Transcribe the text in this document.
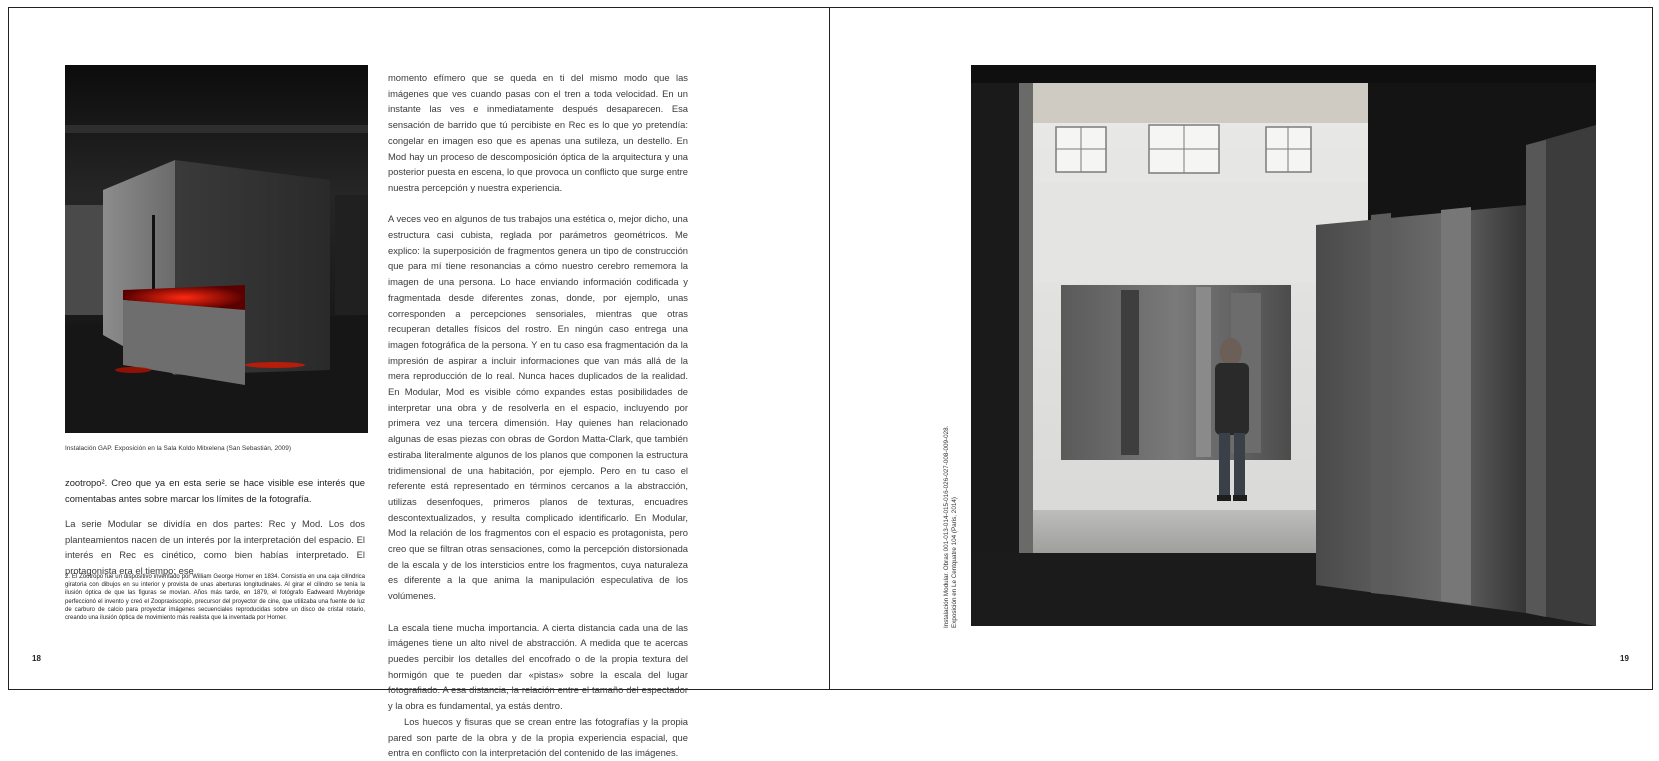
Instalación GAP. Exposición en la Sala Koldo Mitxelena (San Sebastián, 2009)

zootropo². Creo que ya en esta serie se hace visible ese interés que comentabas antes sobre marcar los límites de la fotografía.

La serie Modular se dividía en dos partes: Rec y Mod. Los dos planteamientos nacen de un interés por la interpretación del espacio. El interés en Rec es cinético, como bien habías interpretado. El protagonista era el tiempo: ese

2. El Zootropo fue un dispositivo inventado por William George Horner en 1834. Consistía en una caja cilíndrica giratoria con dibujos en su interior y provista de unas aberturas longitudinales. Al girar el cilindro se tenía la ilusión óptica de que las figuras se movían. Años más tarde, en 1879, el fotógrafo Eadweard Muybridge perfeccionó el invento y creó el Zoopraxiscopio, precursor del proyector de cine, que utilizaba una fuente de luz de carburo de calcio para proyectar imágenes secuenciales reproducidas sobre un disco de cristal rotario, creando una ilusión óptica de movimiento más realista que la inventada por Horner.

momento efímero que se queda en ti del mismo modo que las imágenes que ves cuando pasas con el tren a toda velocidad. En un instante las ves e inmediatamente después desaparecen. Esa sensación de barrido que tú percibiste en Rec es lo que yo pretendía: congelar en imagen eso que es apenas una sutileza, un destello. En Mod hay un proceso de descomposición óptica de la arquitectura y una posterior puesta en escena, lo que provoca un conflicto que surge entre nuestra percepción y nuestra experiencia.

A veces veo en algunos de tus trabajos una estética o, mejor dicho, una estructura casi cubista, reglada por parámetros geométricos. Me explico: la superposición de fragmentos genera un tipo de construcción que para mí tiene resonancias a cómo nuestro cerebro rememora la imagen de una persona. Lo hace enviando información codificada y fragmentada desde diferentes zonas, donde, por ejemplo, unas corresponden a percepciones sensoriales, mientras que otras recuperan detalles físicos del rostro. En ningún caso entrega una imagen fotográfica de la persona. Y en tu caso esa fragmentación da la impresión de aspirar a incluir informaciones que van más allá de la mera reproducción de lo real. Nunca haces duplicados de la realidad. En Modular, Mod es visible cómo expandes estas posibilidades de interpretar una obra y de resolverla en el espacio, incluyendo por primera vez una tercera dimensión. Hay quienes han relacionado algunas de esas piezas con obras de Gordon Matta-Clark, que también estiraba literalmente algunos de los planos que componen la estructura tridimensional de una habitación, por ejemplo. Pero en tu caso el referente está representado en términos cercanos a la abstracción, utilizas desenfoques, primeros planos de texturas, encuadres descontextualizados, y resulta complicado identificarlo. En Modular, Mod la relación de los fragmentos con el espacio es protagonista, pero creo que se filtran otras sensaciones, como la percepción distorsionada de la escala y de los intersticios entre los fragmentos, cuya naturaleza es diferente a la que anima la manipulación especulativa de los volúmenes.

La escala tiene mucha importancia. A cierta distancia cada una de las imágenes tiene un alto nivel de abstracción. A medida que te acercas puedes percibir los detalles del encofrado o de la propia textura del hormigón que te pueden dar «pistas» sobre la escala del lugar fotografiado. A esa distancia, la relación entre el tamaño del espectador y la obra es fundamental, ya estás dentro.

Los huecos y fisuras que se crean entre las fotografías y la propia pared son parte de la obra y de la propia experiencia espacial, que entra en conflicto con la interpretación del contenido de las imágenes.

18
Instalación Modular. Obras 001-013-014-015-016-026-027-008-009-028. Exposición en Le Centquatre 104 (Paris, 2014)
19
